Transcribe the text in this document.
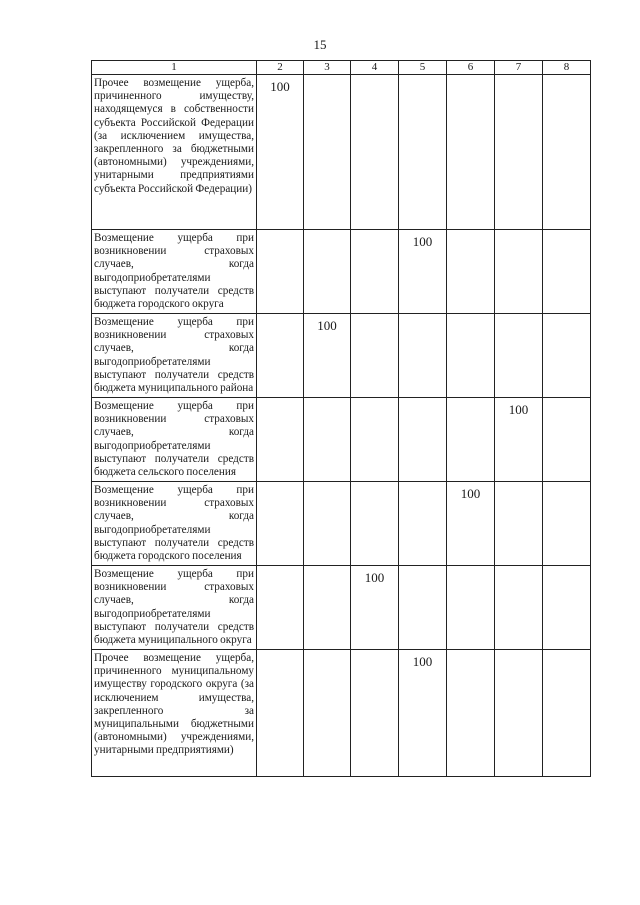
15
1	2	3	4	5	6	7	8
Прочее возмещение ущерба, причиненного имуществу, находящемуся в собственности субъекта Российской Федерации (за исключением имущества, закрепленного за бюджетными (автономными) учреждениями, унитарными предприятиями субъекта Российской Федерации)	100						
Возмещение ущерба при возникновении страховых случаев, когда выгодоприобретателями выступают получатели средств бюджета городского округа				100			
Возмещение ущерба при возникновении страховых случаев, когда выгодоприобретателями выступают получатели средств бюджета муниципального района		100					
Возмещение ущерба при возникновении страховых случаев, когда выгодоприобретателями выступают получатели средств бюджета сельского поселения						100	
Возмещение ущерба при возникновении страховых случаев, когда выгодоприобретателями выступают получатели средств бюджета городского поселения					100		
Возмещение ущерба при возникновении страховых случаев, когда выгодоприобретателями выступают получатели средств бюджета муниципального округа			100				
Прочее возмещение ущерба, причиненного муниципальному имуществу городского округа (за исключением имущества, закрепленного за муниципальными бюджетными (автономными) учреждениями, унитарными предприятиями)				100			
